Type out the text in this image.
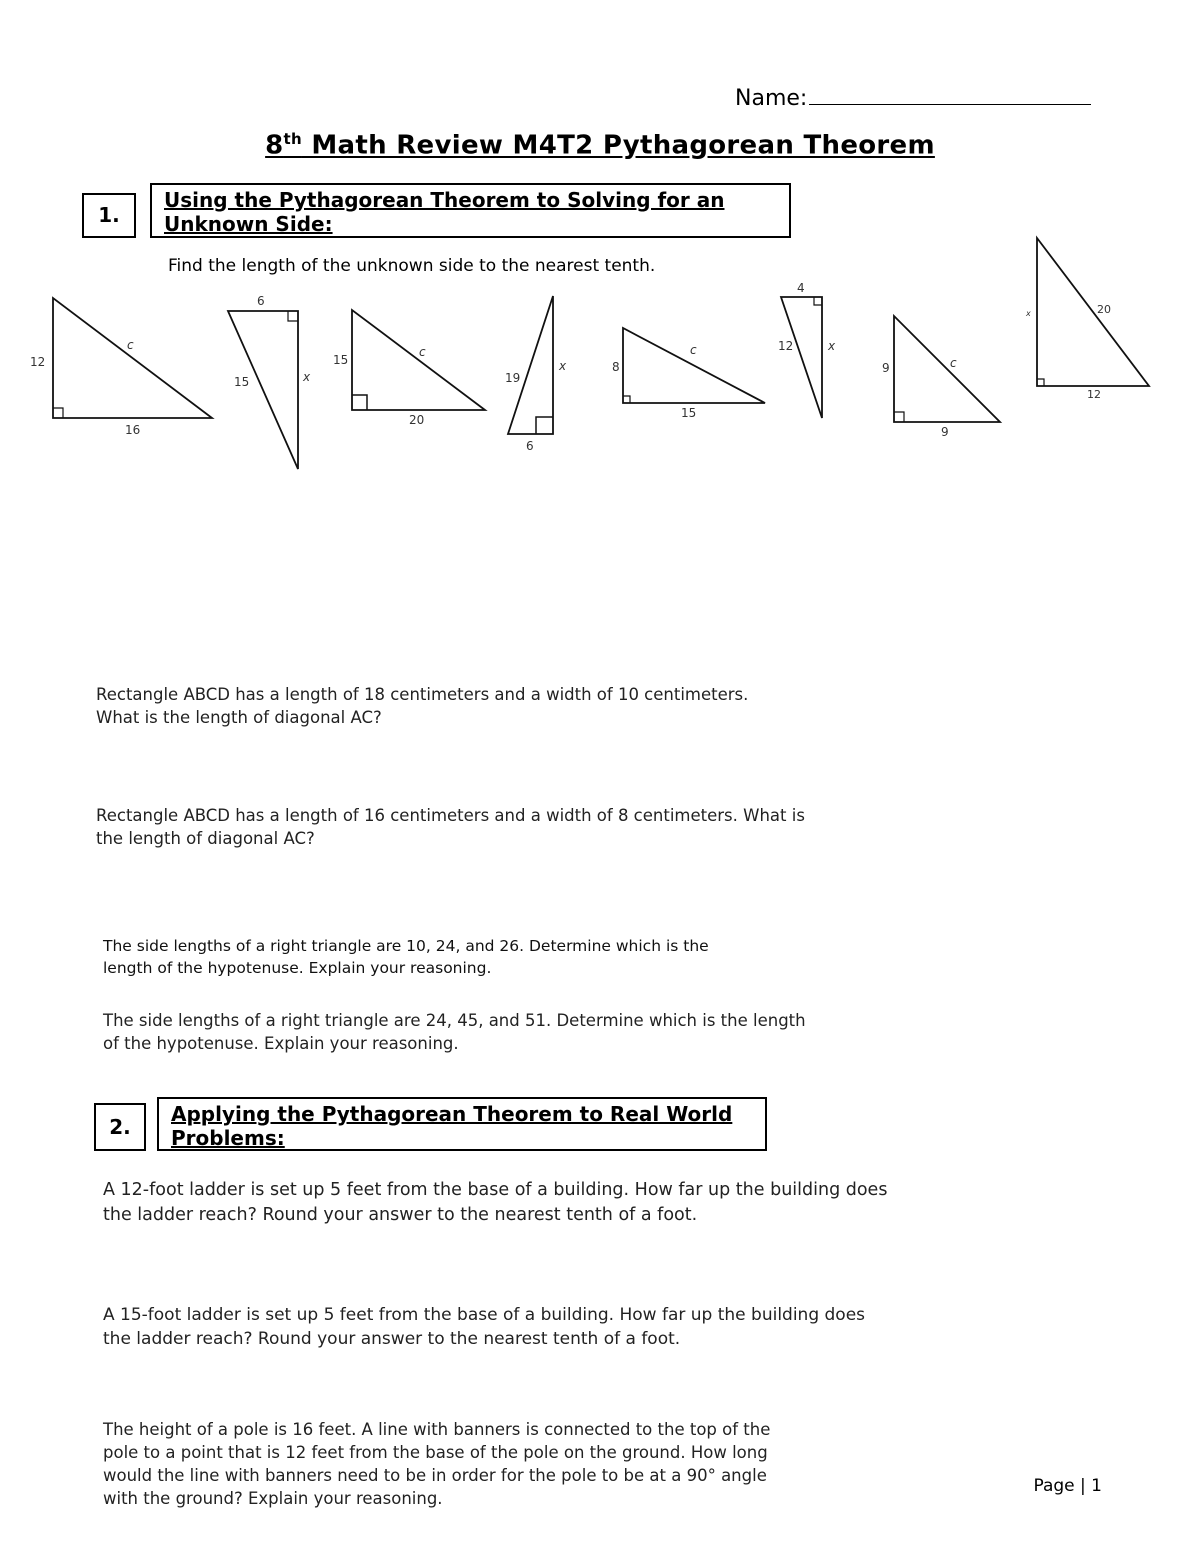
Name:
8th Math Review M4T2 Pythagorean Theorem
1.
Using the Pythagorean Theorem to Solving for an Unknown Side:
Find the length of the unknown side to the nearest tenth.
12
c
16
6
15	x
15
c
20
19
x
6
8
c
15
4
12	x
9	c
9
x	20
12
Rectangle ABCD has a length of 18 centimeters and a width of 10 centimeters. What is the length of diagonal AC?
Rectangle ABCD has a length of 16 centimeters and a width of 8 centimeters. What is the length of diagonal AC?
The side lengths of a right triangle are 10, 24, and 26. Determine which is the length of the hypotenuse. Explain your reasoning.
The side lengths of a right triangle are 24, 45, and 51. Determine which is the length of the hypotenuse. Explain your reasoning.
2.
Applying the Pythagorean Theorem to Real World Problems:
A 12-foot ladder is set up 5 feet from the base of a building. How far up the building does the ladder reach? Round your answer to the nearest tenth of a foot.
A 15-foot ladder is set up 5 feet from the base of a building. How far up the building does the ladder reach? Round your answer to the nearest tenth of a foot.
The height of a pole is 16 feet. A line with banners is connected to the top of the pole to a point that is 12 feet from the base of the pole on the ground. How long would the line with banners need to be in order for the pole to be at a 90° angle with the ground? Explain your reasoning.
Page | 1
